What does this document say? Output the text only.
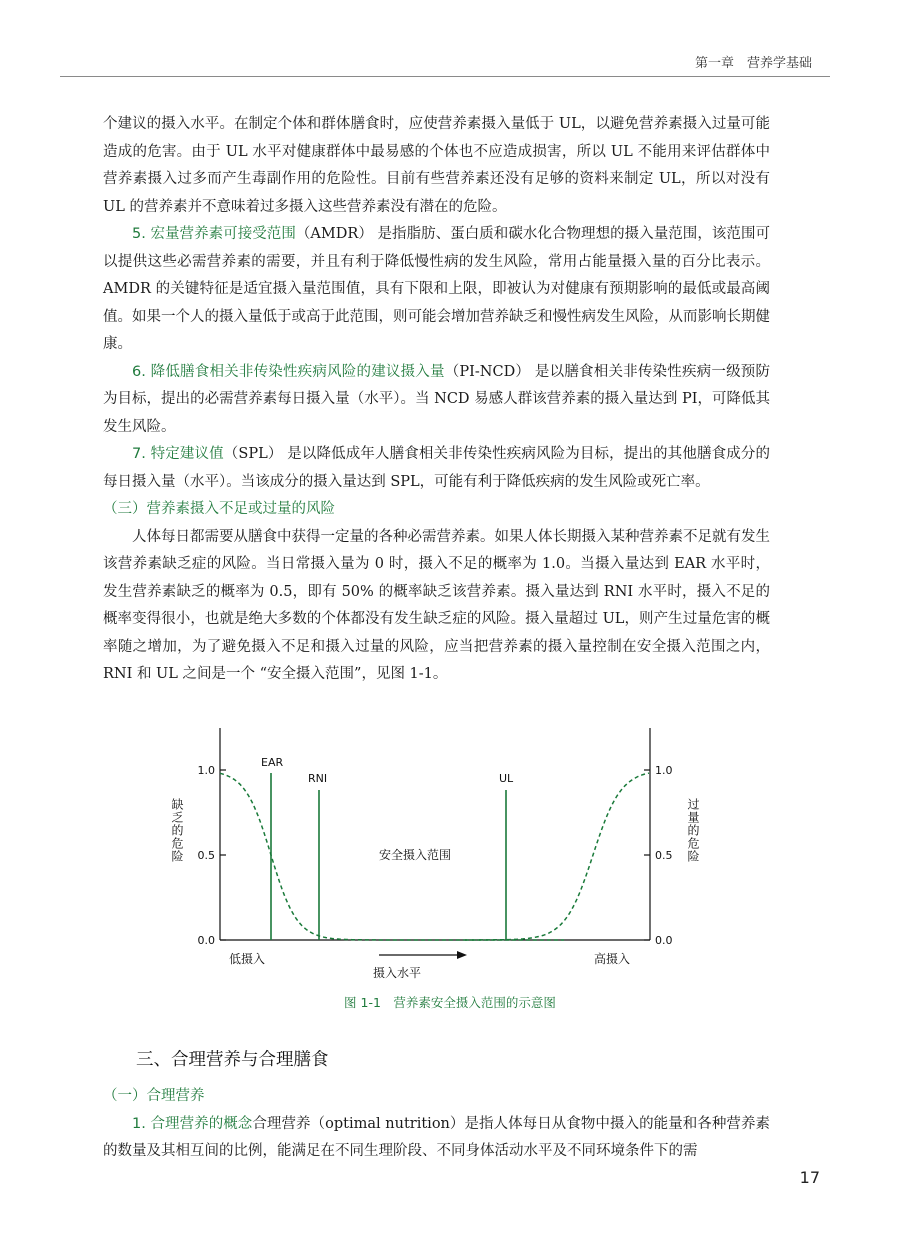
第一章　营养学基础

个建议的摄入水平。在制定个体和群体膳食时，应使营养素摄入量低于 UL，以避免营养素摄入过量可能造成的危害。由于 UL 水平对健康群体中最易感的个体也不应造成损害，所以 UL 不能用来评估群体中营养素摄入过多而产生毒副作用的危险性。目前有些营养素还没有足够的资料来制定 UL，所以对没有 UL 的营养素并不意味着过多摄入这些营养素没有潜在的危险。

5. 宏量营养素可接受范围（AMDR） 是指脂肪、蛋白质和碳水化合物理想的摄入量范围，该范围可以提供这些必需营养素的需要，并且有利于降低慢性病的发生风险，常用占能量摄入量的百分比表示。AMDR 的关键特征是适宜摄入量范围值，具有下限和上限，即被认为对健康有预期影响的最低或最高阈值。如果一个人的摄入量低于或高于此范围，则可能会增加营养缺乏和慢性病发生风险，从而影响长期健康。

6. 降低膳食相关非传染性疾病风险的建议摄入量（PI-NCD） 是以膳食相关非传染性疾病一级预防为目标，提出的必需营养素每日摄入量（水平）。当 NCD 易感人群该营养素的摄入量达到 PI，可降低其发生风险。

7. 特定建议值（SPL） 是以降低成年人膳食相关非传染性疾病风险为目标，提出的其他膳食成分的每日摄入量（水平）。当该成分的摄入量达到 SPL，可能有利于降低疾病的发生风险或死亡率。

（三）营养素摄入不足或过量的风险

人体每日都需要从膳食中获得一定量的各种必需营养素。如果人体长期摄入某种营养素不足就有发生该营养素缺乏症的风险。当日常摄入量为 0 时，摄入不足的概率为 1.0。当摄入量达到 EAR 水平时，发生营养素缺乏的概率为 0.5，即有 50% 的概率缺乏该营养素。摄入量达到 RNI 水平时，摄入不足的概率变得很小，也就是绝大多数的个体都没有发生缺乏症的风险。摄入量超过 UL，则产生过量危害的概率随之增加，为了避免摄入不足和摄入过量的风险，应当把营养素的摄入量控制在安全摄入范围之内，RNI 和 UL 之间是一个 “安全摄入范围”，见图 1-1。

0.0	0.0
0.5	0.5
1.0	1.0
EAR
RNI	UL
安全摄入范围
低摄入	高摄入
摄入水平
缺乏的危险	过量的危险
图 1-1　营养素安全摄入范围的示意图
三、合理营养与合理膳食

（一）合理营养

1. 合理营养的概念合理营养（optimal nutrition）是指人体每日从食物中摄入的能量和各种营养素的数量及其相互间的比例，能满足在不同生理阶段、不同身体活动水平及不同环境条件下的需

17
